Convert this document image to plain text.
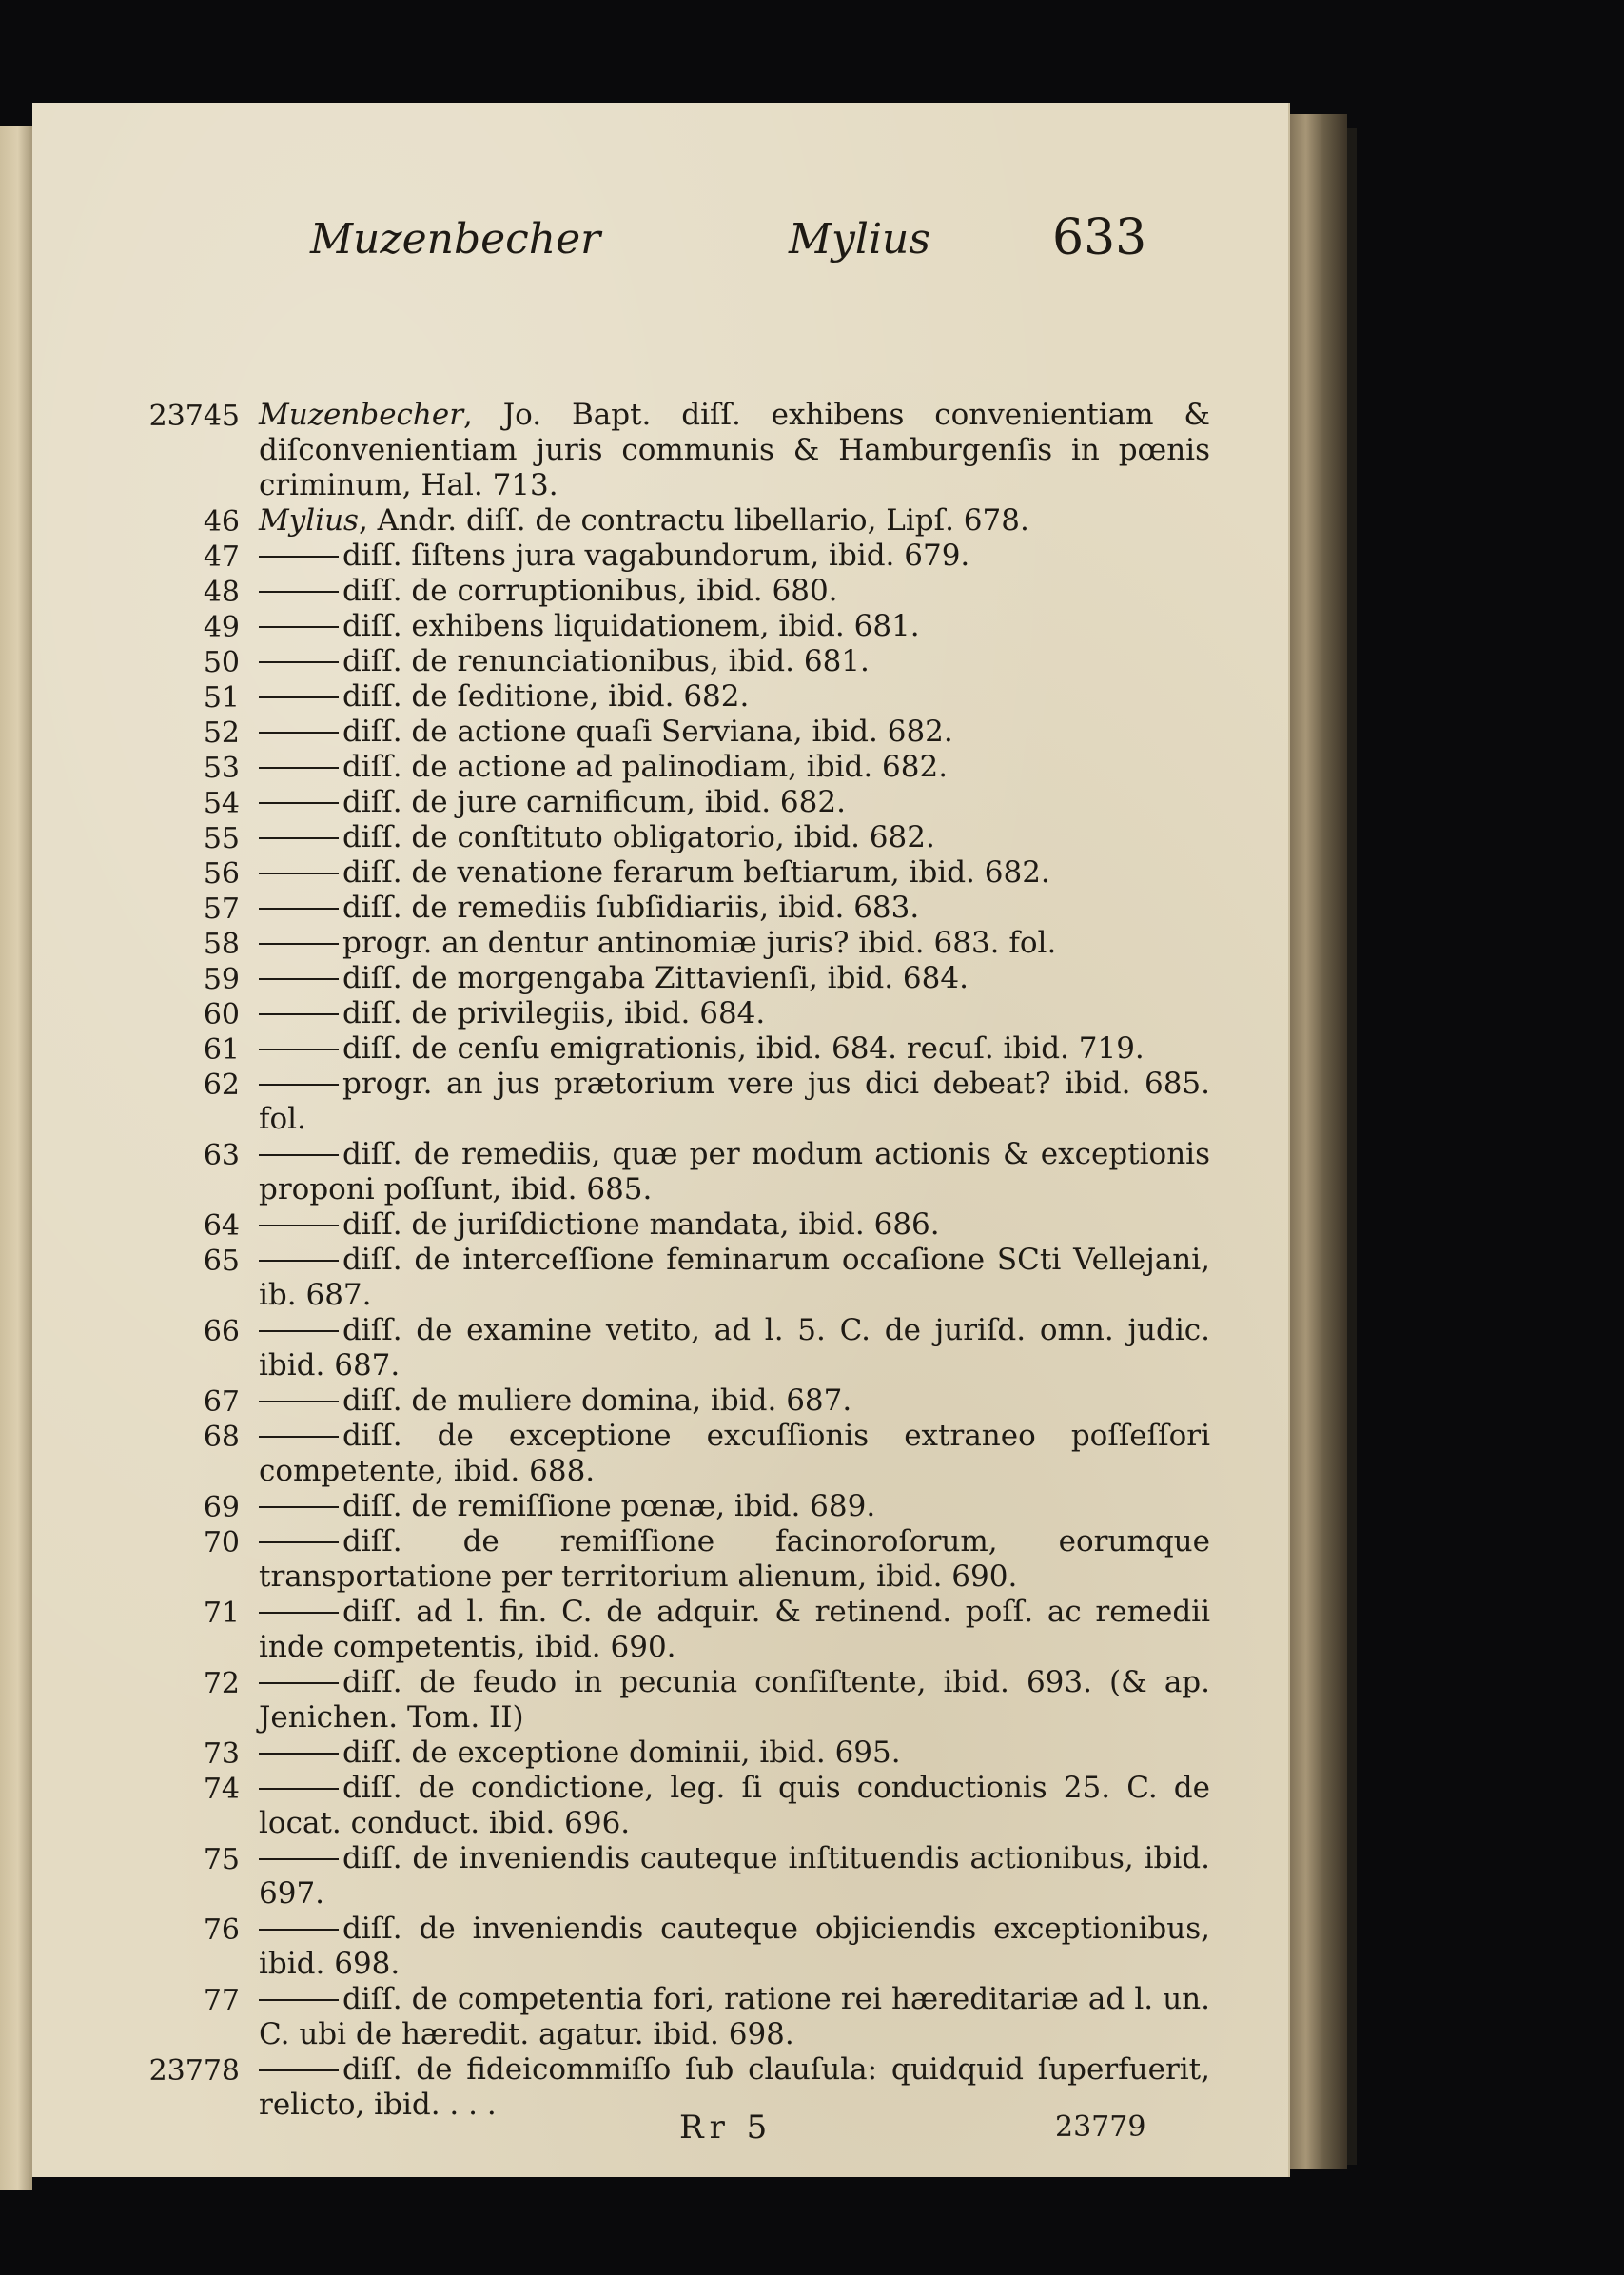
Muzenbecher	Mylius 633
23745 Muzenbecher, Jo. Bapt. diſſ. exhibens convenientiam & diſconvenientiam juris communis & Hamburgenſis in pœnis criminum, Hal. 713.
46 Mylius, Andr. diſſ. de contractu libellario, Lipſ. 678.
47	diſſ. ſiſtens jura vagabundorum, ibid. 679.
48	diſſ. de corruptionibus, ibid. 680.
49	diſſ. exhibens liquidationem, ibid. 681.
50	diſſ. de renunciationibus, ibid. 681.
51	diſſ. de ſeditione, ibid. 682.
52	diſſ. de actione quaſi Serviana, ibid. 682.
53	diſſ. de actione ad palinodiam, ibid. 682.
54	diſſ. de jure carnificum, ibid. 682.
55	diſſ. de conſtituto obligatorio, ibid. 682.
56	diſſ. de venatione ferarum beſtiarum, ibid. 682.
57	diſſ. de remediis ſubſidiariis, ibid. 683.
58	progr. an dentur antinomiæ juris? ibid. 683. fol.
59	diſſ. de morgengaba Zittavienſi, ibid. 684.
60	diſſ. de privilegiis, ibid. 684.
61	diſſ. de cenſu emigrationis, ibid. 684. recuſ. ibid. 719.
62	progr. an jus prætorium vere jus dici debeat? ibid. 685. fol.
63	diſſ. de remediis, quæ per modum actionis & exceptionis proponi poſſunt, ibid. 685.
64	diſſ. de juriſdictione mandata, ibid. 686.
65	diſſ. de interceſſione feminarum occaſione SCti Vellejani, ib. 687.
66	diſſ. de examine vetito, ad l. 5. C. de juriſd. omn. judic. ibid. 687.
67	diſſ. de muliere domina, ibid. 687.
68	diſſ. de exceptione excuſſionis extraneo poſſeſſori competente, ibid. 688.
69	diſſ. de remiſſione pœnæ, ibid. 689.
70	diſſ. de remiſſione facinoroſorum, eorumque transportatione per territorium alienum, ibid. 690.
71	diſſ. ad l. fin. C. de adquir. & retinend. poſſ. ac remedii inde competentis, ibid. 690.
72	diſſ. de feudo in pecunia conſiſtente, ibid. 693. (& ap. Jenichen. Tom. II)
73	diſſ. de exceptione dominii, ibid. 695.
74	diſſ. de condictione, leg. ſi quis conductionis 25. C. de locat. conduct. ibid. 696.
75	diſſ. de inveniendis cauteque inſtituendis actionibus, ibid. 697.
76	diſſ. de inveniendis cauteque objiciendis exceptionibus, ibid. 698.
77	diſſ. de competentia fori, ratione rei hæreditariæ ad l. un. C. ubi de hæredit. agatur. ibid. 698.
23778	diſſ. de fideicommiſſo ſub clauſula: quidquid ſuperfuerit, relicto, ibid. . . .
Rr 5	23779
